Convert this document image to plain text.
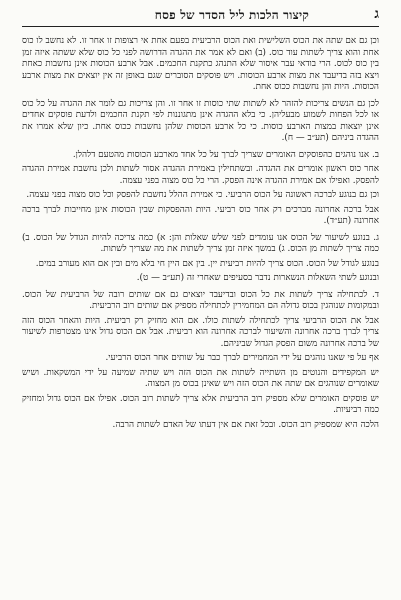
ג
קיצור הלכות ליל הסדר של פסח

וכן גם אם שתה את הכוס השלישית ואת הכוס הרביעית בפעם אחת אי רצופות זו אחר זו. לא נחשב לו כוס אחת והוא צריך לשתות עוד כוס. (ב) ואם לא אמר את ההגדה הדרושה לפני כל כוס שלא ששתה איזה זמן בין כוס לכוס. הרי בודאי עבר איסור שלא התנהג כתקנת החכמים. אבל ארבע הכוסות אינן נחשבות כאחת ויצא בזה בדיעבד את מצות ארבע הכוסות. ויש פוסקים הסוברים שגם באופן זה אין יוצאים את מצות ארבע הכוסות. היות והן נחשבות ככוס אחת.

לכן גם הנשים צריכות להזהר לא לשתות שתי כוסות זו אחר זו. והן צריכות גם לומר את ההגדה על כל כוס או לכל הפחות לשמוע מבעליהן. כי בלא ההגדה אינן מתגוננות לפי תקנת החכמים ולדעת פוסקים אחדים אינן יוצאות במצות הארבע כוסות. כי כל ארבע הכוסות שלהן נחשבות ככוס אחת. כיון שלא אמרו את ההגדה ביניהם (תע״ב — ח).

ב. אנו נוהגים כהפוסקים האומרים שצריך לברך על כל אחד מארבע הכוסות מהטעם דלהלן.

אחר כוס ראשון אומרים את ההגדה. ובשתחילין באמירת ההגדה אסור לשתות ולכן נחשבת אמירת ההגדה להפסק. ואפילו אם אמירת ההגדה אינה הפסק. הרי כל כוס מצוה בפני עצמה.

וכן גם בנוגע לברכה ראשונה על הכוס הרביעי. כי אמירת ההלל נחשבת להפסק וכל כוס מצוה בפני עצמה.

אבל ברכה אחרונה מברכים רק אחר כוס רביעי. היות וההפסקות שבין הכוסות אינן מחייבות לברך ברכה אחרונה (תע״ד).

ג. בנוגע לשיעור של הכוס אנו עומדים לפני שלש שאלות והן: א) כמה צריכה להיות הגודל של הכוס. ב) כמה צריך לשתות מן הכוס. ג) במשך איזה זמן צריך לשתות את מה שצריך לשתות.

בנוגע לגודל של הכוס. הכוס צריך להיות רביעית יין. בין אם היין חי בלא מים ובין אם הוא מעורב במים.

ובנוגע לשתי השאלות הנשארות נדבר בסעיפים שאחרי זה (תע״ב — ט).

ד. לכתחילה צריך לשתות את כל הכוס ובדיעבד יוצאים גם אם שותים רובה של הרביעית של הכוס. ובמקומות שנוהגין בכוס גדולה הם המחמירין לכתחילה מספיק אם שותים רוב הרביעית.

אבל את הכוס הרביעי צריך לכתחילה לשתות כולו. אם הוא מחזיק רק רביעית. היות והאחר הכוס הזה צריך לברך ברכה אחרונה והשיעור לברכה אחרונה הוא רביעית. אבל אם הכוס גדול אינו מצטרפות לשיעור של ברכה אחרונה משום הפסק הגדול שביניהם.

אף על פי שאנו נוהגים על ידי המחמירים לברך כבר על שותים אחר הכוס הרביעי.

יש המקפידים והנוטים מן השתייה לשתות את הכוס הזה ויש שתיה שמיעה על ידי המשקאות. ושיש שאומרים שנוהגים אם שתה את הכוס הזה ויש שאינן בכוס מן המצוה.

יש פוסקים האומרים שלא מספיק רוב הרביעית אלא צריך לשתות רוב הכוס. אפילו אם הכוס גדול ומחזיק כמה רביעיות.

הלכה היא שמספיק רוב הכוס. ובכל זאת אם אין דעתו של האדם לשתות הרבה.
